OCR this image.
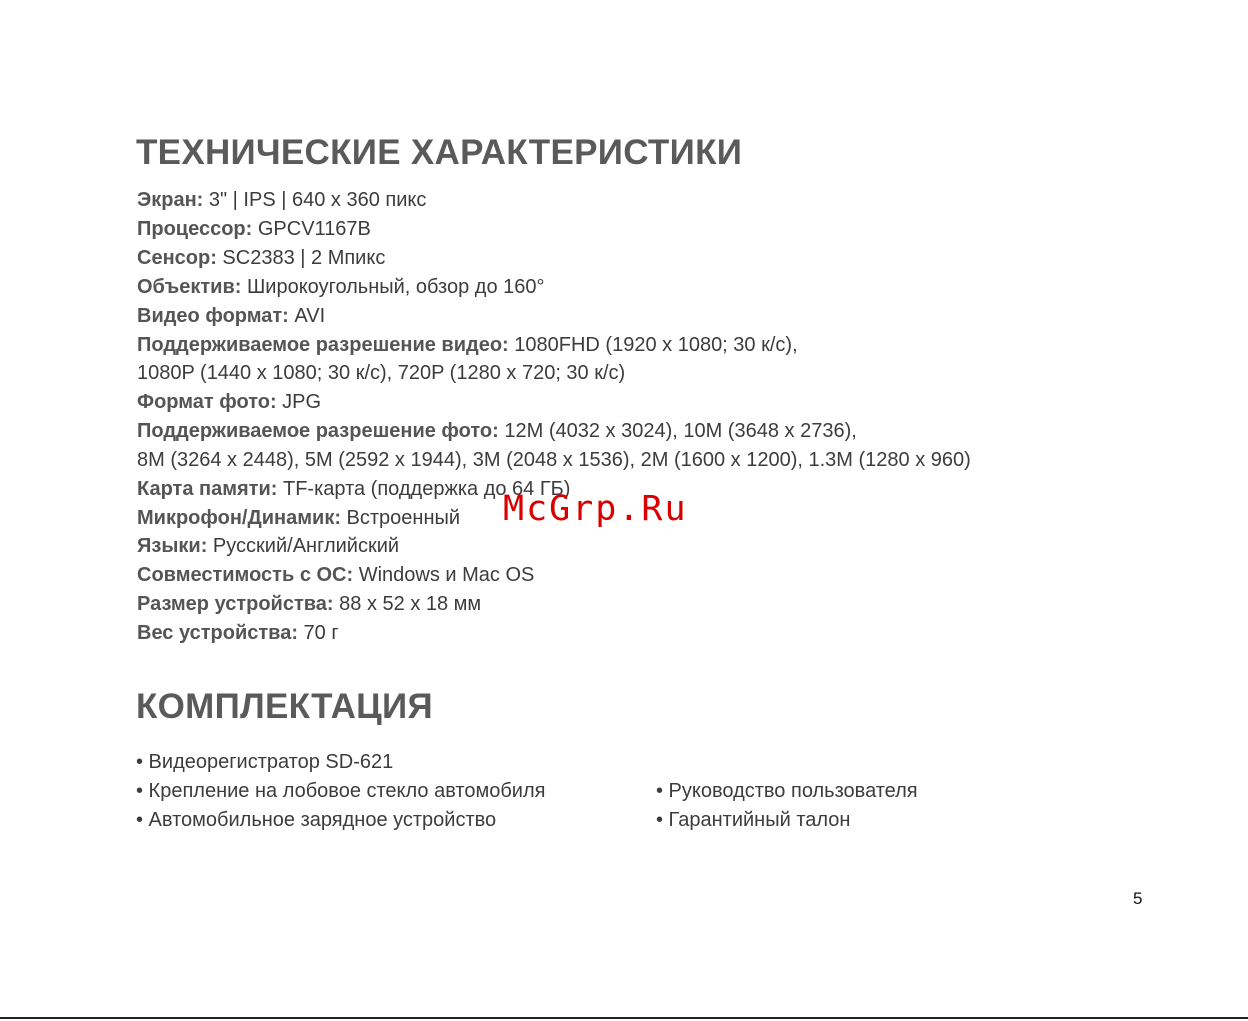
ТЕХНИЧЕСКИЕ ХАРАКТЕРИСТИКИ
Экран: 3" | IPS | 640 х 360 пикс
Процессор: GPCV1167B
Сенсор: SC2383 | 2 Мпикс
Объектив: Широкоугольный, обзор до 160°
Видео формат: AVI
Поддерживаемое разрешение видео: 1080FHD (1920 х 1080; 30 к/с),
1080P (1440 х 1080; 30 к/с), 720P (1280 х 720; 30 к/с)
Формат фото: JPG
Поддерживаемое разрешение фото: 12M (4032 х 3024), 10M (3648 х 2736),
8M (3264 х 2448), 5M (2592 х 1944), 3M (2048 х 1536), 2M (1600 х 1200), 1.3M (1280 х 960)
Карта памяти: TF-карта (поддержка до 64 ГБ)
Микрофон/Динамик: Встроенный
Языки: Русский/Английский
Совместимость с ОС: Windows и Mac OS
Размер устройства: 88 х 52 х 18 мм
Вес устройства: 70 г
McGrp.Ru
КОМПЛЕКТАЦИЯ
• Видеорегистратор SD-621
• Крепление на лобовое стекло автомобиля
• Автомобильное зарядное устройство
• Руководство пользователя
• Гарантийный талон
5
